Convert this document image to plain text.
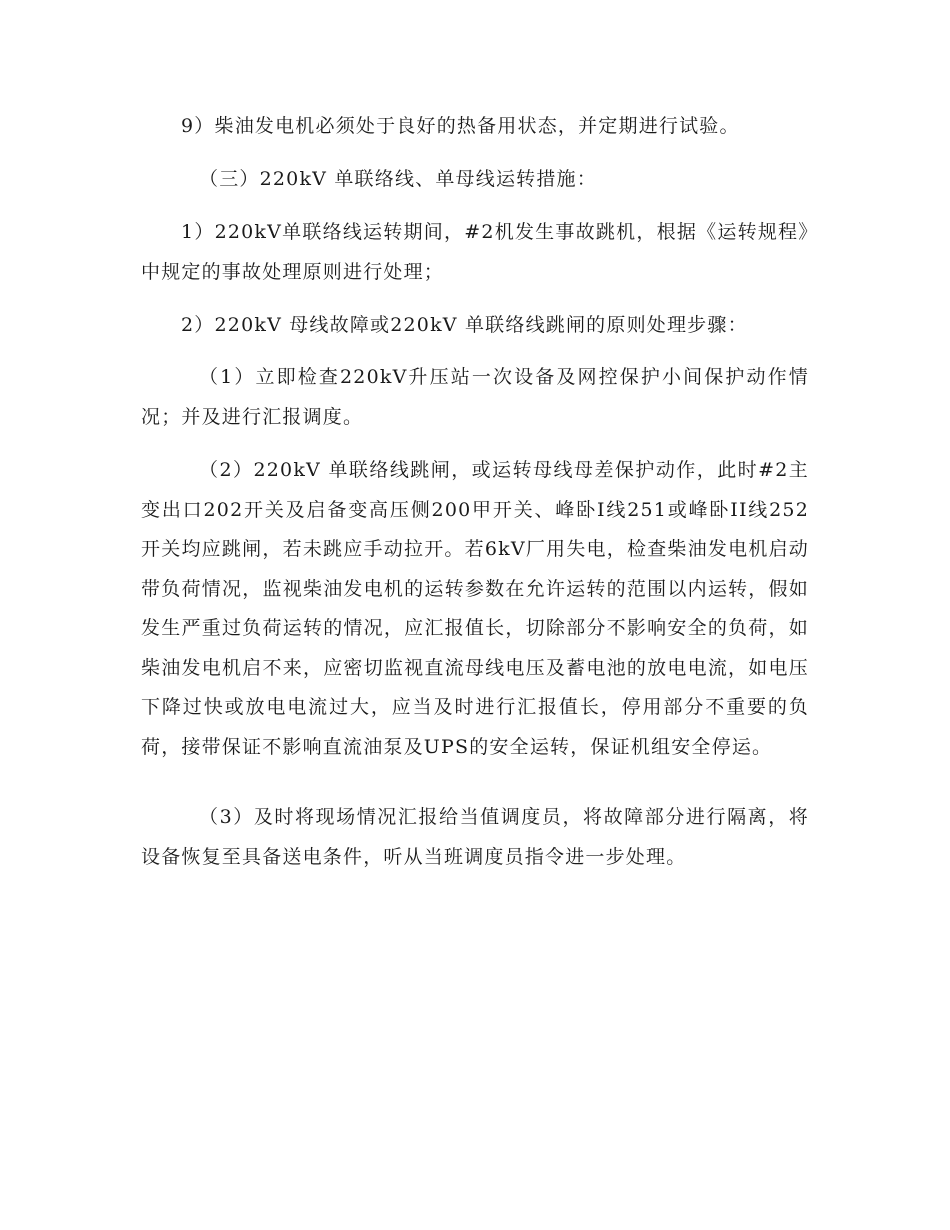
9）柴油发电机必须处于良好的热备用状态，并定期进行试验。

（三）220kV 单联络线、单母线运转措施：

1）220kV单联络线运转期间，#2机发生事故跳机，根据《运转规程》中规定的事故处理原则进行处理；

2）220kV 母线故障或220kV 单联络线跳闸的原则处理步骤：

（1）立即检查220kV升压站一次设备及网控保护小间保护动作情况；并及进行汇报调度。

（2）220kV 单联络线跳闸，或运转母线母差保护动作，此时#2主变出口202开关及启备变高压侧200甲开关、峰卧Ⅰ线251或峰卧II线252开关均应跳闸，若未跳应手动拉开。若6kV厂用失电，检查柴油发电机启动带负荷情况，监视柴油发电机的运转参数在允许运转的范围以内运转，假如发生严重过负荷运转的情况，应汇报值长，切除部分不影响安全的负荷，如柴油发电机启不来，应密切监视直流母线电压及蓄电池的放电电流，如电压下降过快或放电电流过大，应当及时进行汇报值长，停用部分不重要的负荷，接带保证不影响直流油泵及UPS的安全运转，保证机组安全停运。

（3）及时将现场情况汇报给当值调度员，将故障部分进行隔离，将设备恢复至具备送电条件，听从当班调度员指令进一步处理。
